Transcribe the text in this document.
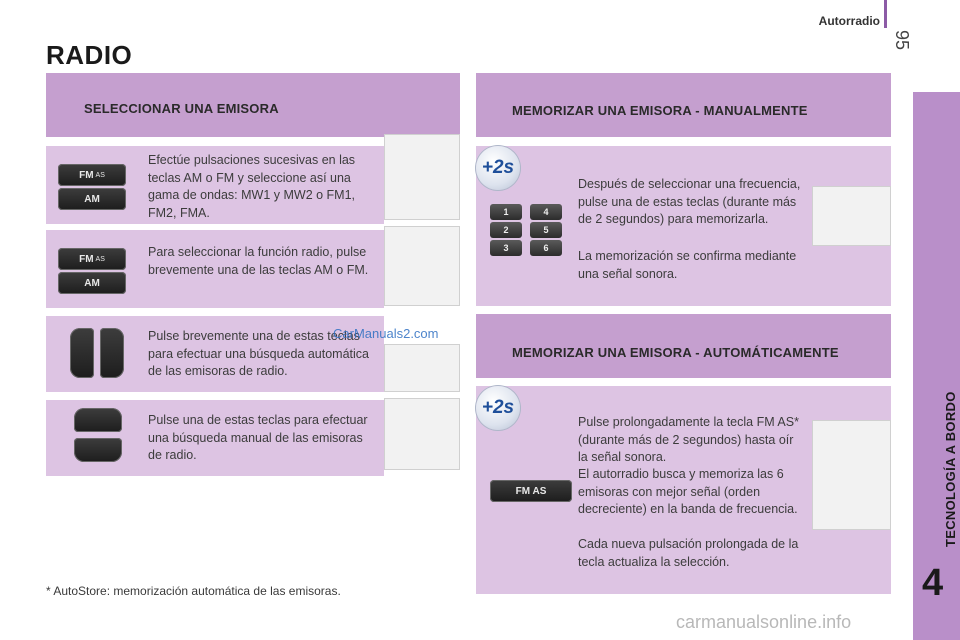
Autorradio
95
RADIO
TECNOLOGÍA A BORDO
4
SELECCIONAR UNA EMISORA
FM AS
AM
Efectúe pulsaciones sucesivas en las teclas AM o FM y seleccione así una gama de ondas: MW1 y MW2 o FM1, FM2, FMA.
FM AS
AM
Para seleccionar la función radio, pulse brevemente una de las teclas AM o FM.
Pulse brevemente una de estas teclas para efectuar una búsqueda automática de las emisoras de radio.
Pulse una de estas teclas para efectuar una búsqueda manual de las emisoras de radio.
CarManuals2.com
MEMORIZAR UNA EMISORA - MANUALMENTE
+2s
1	4
2	5
3	6
Después de seleccionar una frecuencia, pulse una de estas teclas (durante más de 2 segundos) para memorizarla.
La memorización se confirma mediante una señal sonora.
MEMORIZAR UNA EMISORA - AUTOMÁTICAMENTE
+2s
FM AS
Pulse prolongadamente la tecla FM AS* (durante más de 2 segundos) hasta oír la señal sonora.
El autorradio busca y memoriza las 6 emisoras con mejor señal (orden decreciente) en la banda de frecuencia.
Cada nueva pulsación prolongada de la tecla actualiza la selección.
* AutoStore: memorización automática de las emisoras.
carmanualsonline.info
